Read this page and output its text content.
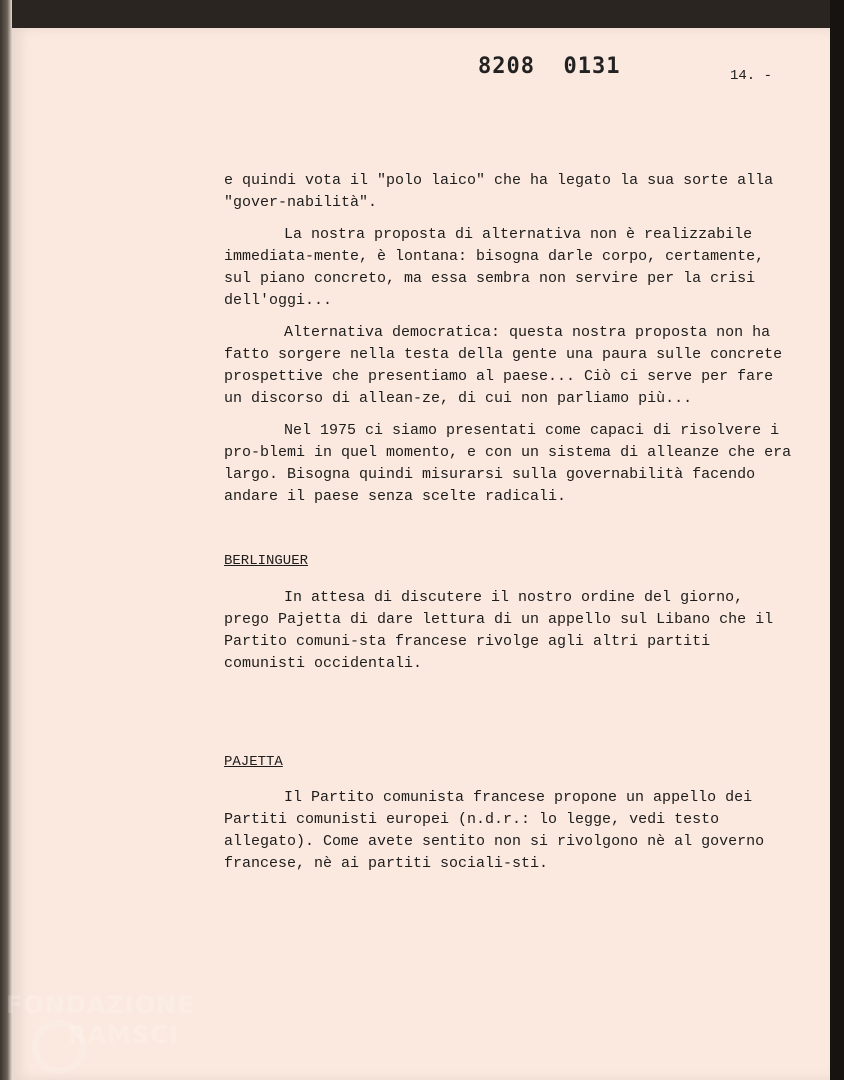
8208  0131	14. -

e quindi vota il "polo laico" che ha legato la sua sorte alla "gover-nabilità".

La nostra proposta di alternativa non è realizzabile immediata-mente, è lontana: bisogna darle corpo, certamente, sul piano concreto, ma essa sembra non servire per la crisi dell'oggi...

Alternativa democratica: questa nostra proposta non ha fatto sorgere nella testa della gente una paura sulle concrete prospettive che presentiamo al paese... Ciò ci serve per fare un discorso di allean-ze, di cui non parliamo più...

Nel 1975 ci siamo presentati come capaci di risolvere i pro-blemi in quel momento, e con un sistema di alleanze che era largo. Bisogna quindi misurarsi sulla governabilità facendo andare il paese senza scelte radicali.

BERLINGUER

In attesa di discutere il nostro ordine del giorno, prego Pajetta di dare lettura di un appello sul Libano che il Partito comuni-sta francese rivolge agli altri partiti comunisti occidentali.

PAJETTA

Il Partito comunista francese propone un appello dei Partiti comunisti europei (n.d.r.: lo legge, vedi testo allegato). Come avete sentito non si rivolgono nè al governo francese, nè ai partiti sociali-sti.

FONDAZIONE
RAMSCI
